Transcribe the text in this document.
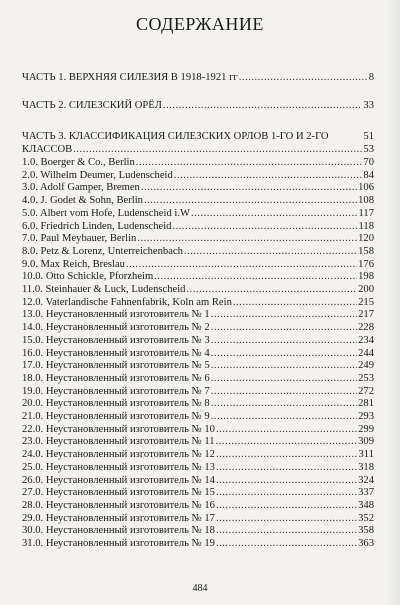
СОДЕРЖАНИЕ
ЧАСТЬ 1. ВЕРХНЯЯ СИЛЕЗИЯ В 1918-1921 гг .....	8
ЧАСТЬ 2. СИЛЕЗСКИЙ ОРЁЛ .....	33
ЧАСТЬ 3. КЛАССИФИКАЦИЯ СИЛЕЗСКИХ ОРЛОВ 1-ГО И 2-ГО	51
КЛАССОВ .....	53
1.0. Boerger & Co., Berlin .....	70
2.0. Wilhelm Deumer, Ludenscheid .....	84
3.0. Adolf Gamper, Bremen .....	106
4.0. J. Godet & Sohn, Berlin .....	108
5.0. Albert vom Hofe, Ludenscheid i.W .....	117
6.0. Friedrich Linden, Ludenscheid .....	118
7.0. Paul Meybauer, Berlin .....	120
8.0. Petz & Lorenz, Unterreichenbach .....	158
9.0. Max Reich, Breslau .....	176
10.0. Otto Schickle, Pforzheim .....	198
11.0. Steinhauer & Luck, Ludenscheid .....	200
12.0. Vaterlandische Fahnenfabrik, Koln am Rein .....	215
13.0. Неустановленный изготовитель № 1 .....	217
14.0. Неустановленный изготовитель № 2 .....	228
15.0. Неустановленный изготовитель № 3 .....	234
16.0. Неустановленный изготовитель № 4 .....	244
17.0. Неустановленный изготовитель № 5 .....	249
18.0. Неустановленный изготовитель № 6 .....	253
19.0. Неустановленный изготовитель № 7 .....	272
20.0. Неустановленный изготовитель № 8 .....	281
21.0. Неустановленный изготовитель № 9 .....	293
22.0. Неустановленный изготовитель № 10 .....	299
23.0. Неустановленный изготовитель № 11 .....	309
24.0. Неустановленный изготовитель № 12 .....	311
25.0. Неустановленный изготовитель № 13 .....	318
26.0. Неустановленный изготовитель № 14 .....	324
27.0. Неустановленный изготовитель № 15 .....	337
28.0. Неустановленный изготовитель № 16 .....	348
29.0. Неустановленный изготовитель № 17 .....	352
30.0. Неустановленный изготовитель № 18 .....	358
31.0. Неустановленный изготовитель № 19 .....	363
484
